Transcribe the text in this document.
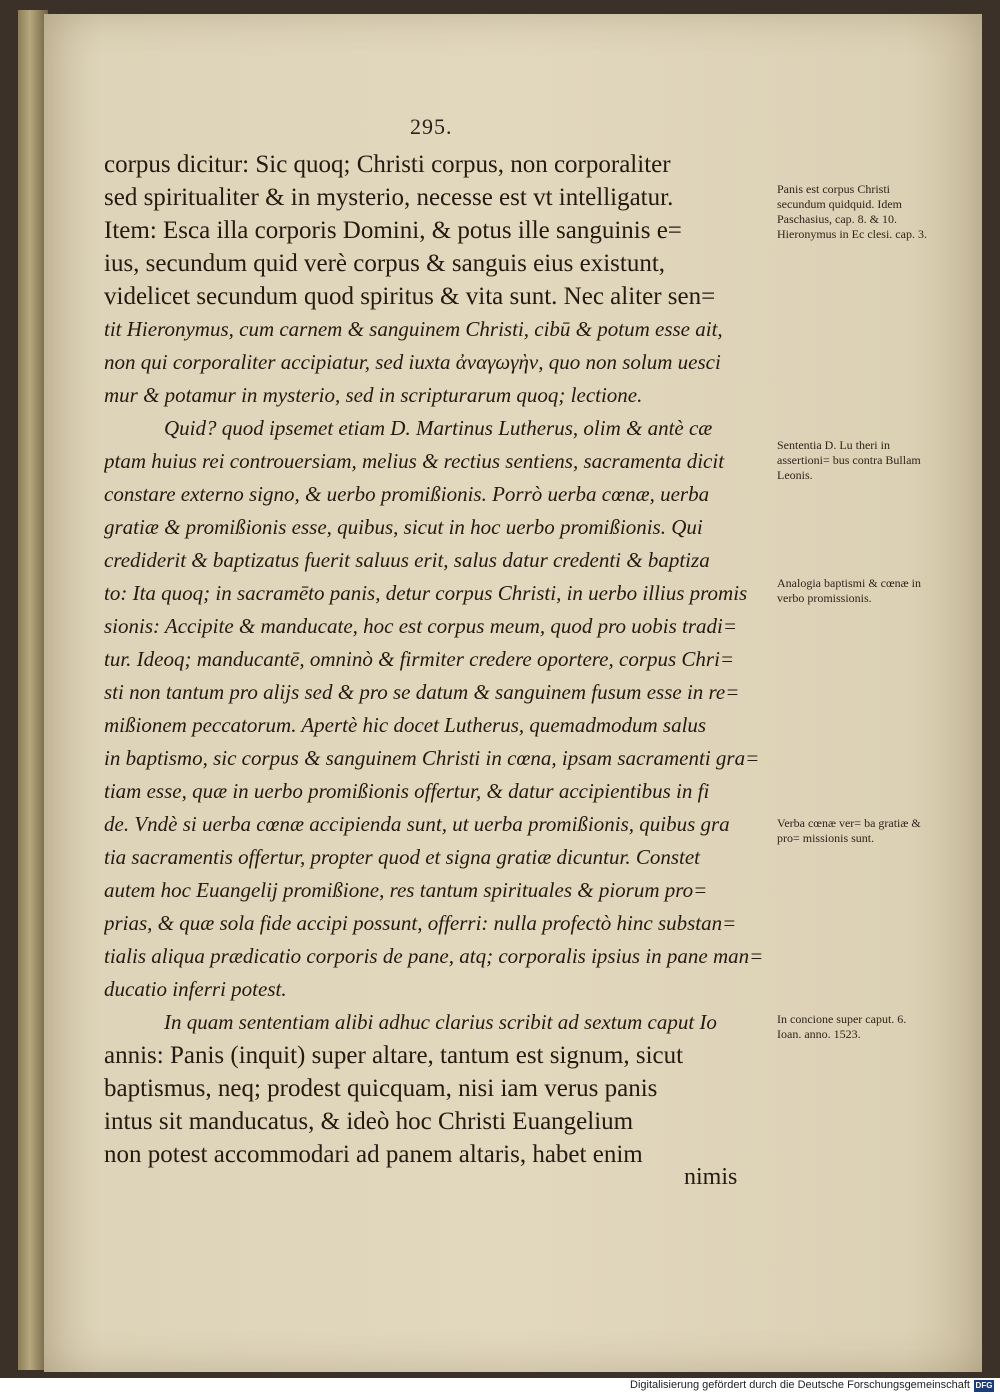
295.
corpus dicitur: Sic quoq; Christi corpus, non corporaliter
sed spiritualiter & in mysterio, necesse est vt intelligatur.
Item: Esca illa corporis Domini, & potus ille sanguinis e=
ius, secundum quid verè corpus & sanguis eius existunt,
videlicet secundum quod spiritus & vita sunt. Nec aliter sen=
tit Hieronymus, cum carnem & sanguinem Christi, cibū & potum esse ait,
non qui corporaliter accipiatur, sed iuxta ἀναγωγὴν, quo non solum uesci
mur & potamur in mysterio, sed in scripturarum quoq; lectione.
Quid? quod ipsemet etiam D. Martinus Lutherus, olim & antè cæ
ptam huius rei controuersiam, melius & rectius sentiens, sacramenta dicit
constare externo signo, & uerbo promißionis. Porrò uerba cœnæ, uerba
gratiæ & promißionis esse, quibus, sicut in hoc uerbo promißionis. Qui
crediderit & baptizatus fuerit saluus erit, salus datur credenti & baptiza
to: Ita quoq; in sacramēto panis, detur corpus Christi, in uerbo illius promis
sionis: Accipite & manducate, hoc est corpus meum, quod pro uobis tradi=
tur. Ideoq; manducantē, omninò & firmiter credere oportere, corpus Chri=
sti non tantum pro alijs sed & pro se datum & sanguinem fusum esse in re=
mißionem peccatorum. Apertè hic docet Lutherus, quemadmodum salus
in baptismo, sic corpus & sanguinem Christi in cœna, ipsam sacramenti gra=
tiam esse, quæ in uerbo promißionis offertur, & datur accipientibus in fi
de. Vndè si uerba cœnæ accipienda sunt, ut uerba promißionis, quibus gra
tia sacramentis offertur, propter quod et signa gratiæ dicuntur. Constet
autem hoc Euangelij promißione, res tantum spirituales & piorum pro=
prias, & quæ sola fide accipi possunt, offerri: nulla profectò hinc substan=
tialis aliqua prædicatio corporis de pane, atq; corporalis ipsius in pane man=
ducatio inferri potest.
In quam sententiam alibi adhuc clarius scribit ad sextum caput Io
annis: Panis (inquit) super altare, tantum est signum, sicut
baptismus, neq; prodest quicquam, nisi iam verus panis
intus sit manducatus, & ideò hoc Christi Euangelium
non potest accommodari ad panem altaris, habet enim
Panis est corpus Christi secundum quidquid. Idem Paschasius, cap. 8. & 10. Hieronymus in Ec clesi. cap. 3.
Sententia D. Lu theri in assertioni= bus contra Bullam Leonis.
Analogia baptismi & cœnæ in verbo promissionis.
Verba cœnæ ver= ba gratiæ & pro= missionis sunt.
In concione super caput. 6. Ioan. anno. 1523.
nimis
Digitalisierung gefördert durch die Deutsche Forschungsgemeinschaft DFG
